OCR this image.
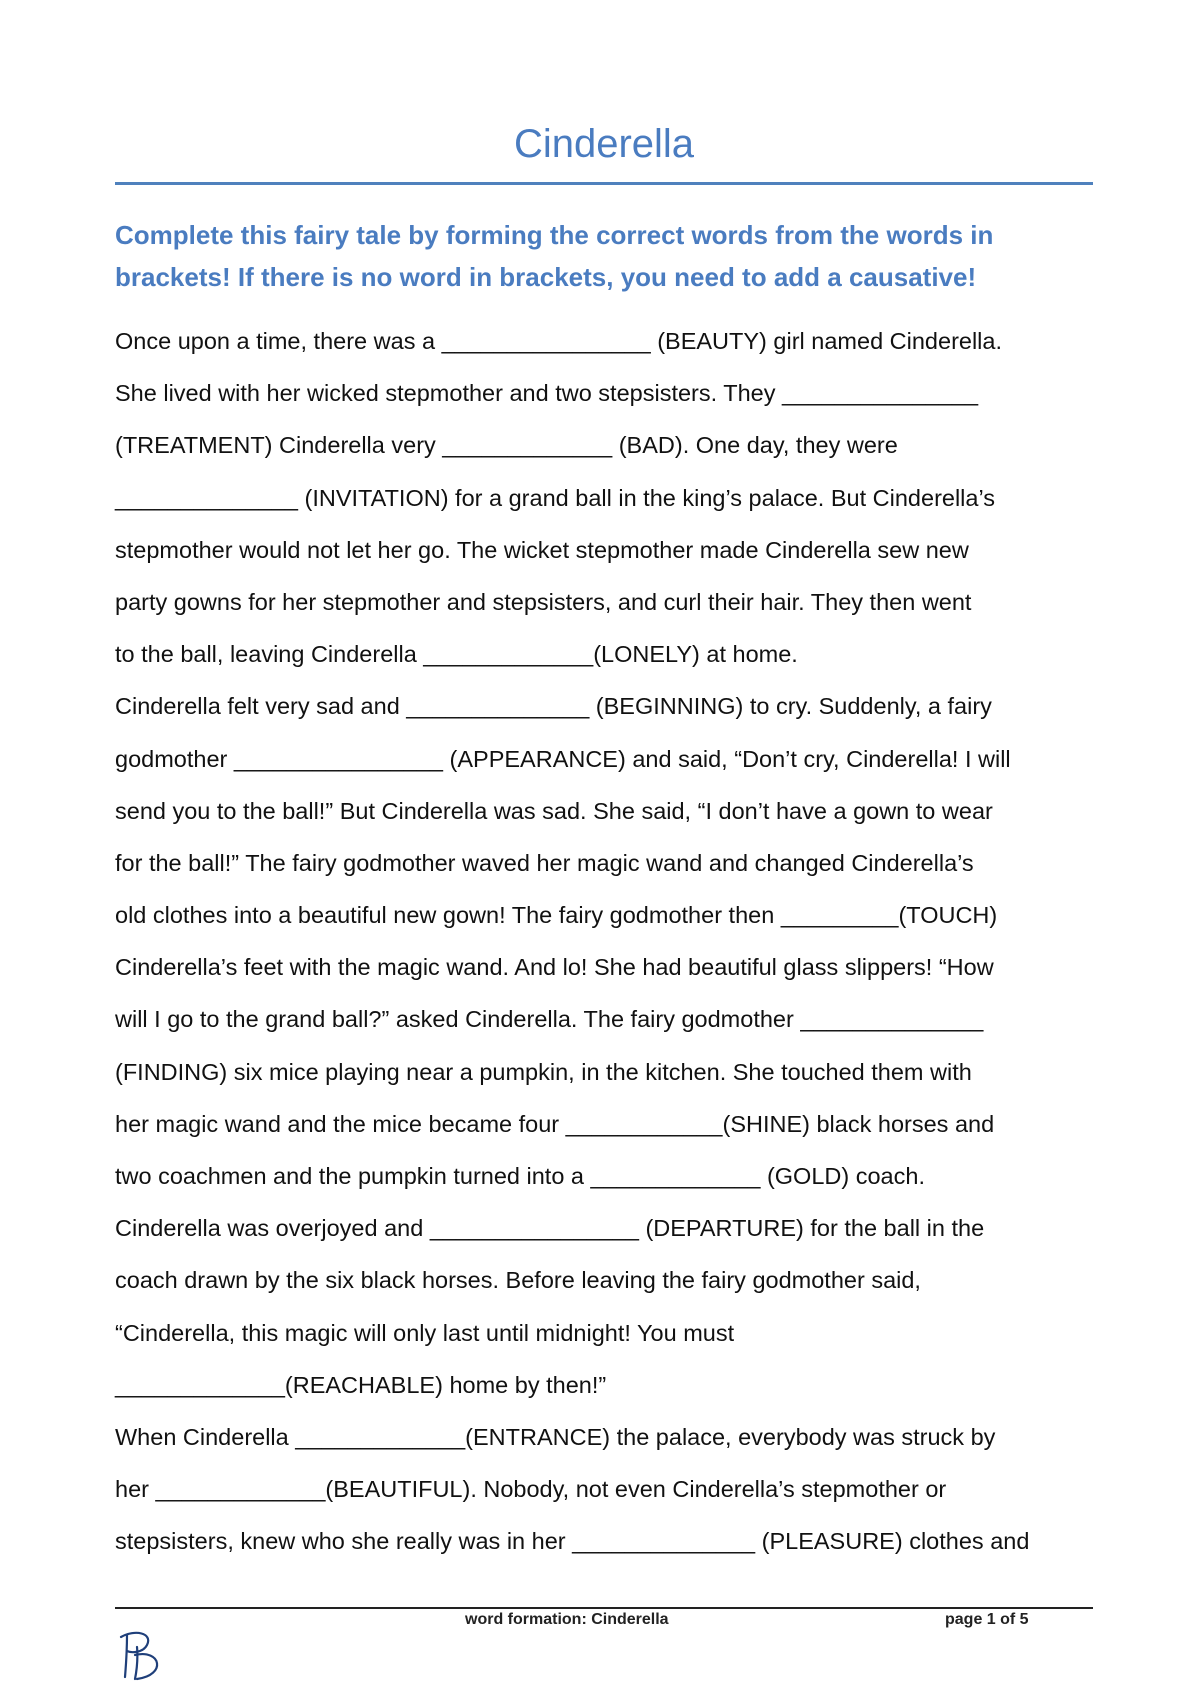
Cinderella

Complete this fairy tale by forming the correct words from the words in brackets! If there is no word in brackets, you need to add a causative!

Once upon a time, there was a ________________ (BEAUTY) girl named Cinderella.
She lived with her wicked stepmother and two stepsisters. They _______________
(TREATMENT) Cinderella very _____________ (BAD). One day, they were
______________ (INVITATION) for a grand ball in the king’s palace. But Cinderella’s
stepmother would not let her go. The wicket stepmother made Cinderella sew new
party gowns for her stepmother and stepsisters, and curl their hair. They then went
to the ball, leaving Cinderella _____________(LONELY) at home.
Cinderella felt very sad and ______________ (BEGINNING) to cry. Suddenly, a fairy
godmother ________________ (APPEARANCE) and said, “Don’t cry, Cinderella! I will
send you to the ball!” But Cinderella was sad. She said, “I don’t have a gown to wear
for the ball!” The fairy godmother waved her magic wand and changed Cinderella’s
old clothes into a beautiful new gown! The fairy godmother then _________(TOUCH)
Cinderella’s feet with the magic wand. And lo! She had beautiful glass slippers! “How
will I go to the grand ball?” asked Cinderella. The fairy godmother ______________
(FINDING) six mice playing near a pumpkin, in the kitchen. She touched them with
her magic wand and the mice became four ____________(SHINE) black horses and
two coachmen and the pumpkin turned into a _____________ (GOLD) coach.
Cinderella was overjoyed and ________________ (DEPARTURE) for the ball in the
coach drawn by the six black horses. Before leaving the fairy godmother said,
“Cinderella, this magic will only last until midnight! You must
_____________(REACHABLE) home by then!”
When Cinderella _____________(ENTRANCE) the palace, everybody was struck by
her _____________(BEAUTIFUL). Nobody, not even Cinderella’s stepmother or
stepsisters, knew who she really was in her ______________ (PLEASURE) clothes and
word formation: Cinderella	page 1 of 5
